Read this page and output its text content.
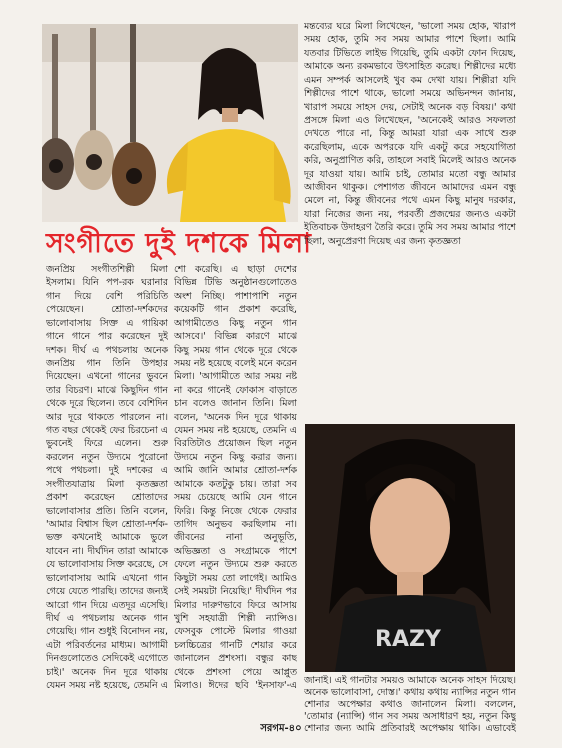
সংগীতে দুই দশকে মিলা

জনপ্রিয় সংগীতশিল্পী মিলা ইসলাম। যিনি পপ-রক ঘরানার গান দিয়ে বেশি পরিচিতি পেয়েছেন। শ্রোতা-দর্শকদের ভালোবাসায় সিক্ত এ গায়িকা গানে গানে পার করেছেন দুই দশক। দীর্ঘ এ পথচলায় অনেক জনপ্রিয় গান তিনি উপহার দিয়েছেন। এখনো গানের ভুবনে তার বিচরণ। মাঝে কিছুদিন গান থেকে দূরে ছিলেন। তবে বেশিদিন আর দূরে থাকতে পারলেন না। গত বছর থেকেই ফের চিরচেনা এ ভুবনেই ফিরে এলেন। শুরু করলেন নতুন উদ্যমে পুরোনো পথে পথচলা। দুই দশকের এ সংগীতযাত্রায় মিলা কৃতজ্ঞতা প্রকাশ করেছেন শ্রোতাদের ভালোবাসার প্রতি। তিনি বলেন, 'আমার বিশ্বাস ছিল শ্রোতা-দর্শক-ভক্ত কখনোই আমাকে ভুলে যাবেন না। দীর্ঘদিন তারা আমাকে যে ভালোবাসায় সিক্ত করেছে, সে ভালোবাসায় আমি এখনো গান গেয়ে যেতে পারছি। তাদের জন্যই আরো গান দিয়ে এতদূর এসেছি। দীর্ঘ এ পথচলায় অনেক গান গেয়েছি। গান শুধুই বিনোদন নয়, এটা পরিবর্তনের মাধ্যম। আগামী দিনগুলোতেও সেদিকেই এগোতে চাই।' অনেক দিন দূরে থাকায় যেমন সময় নষ্ট হয়েছে, তেমনি এ

শো করেছি। এ ছাড়া দেশের বিভিন্ন টিভি অনুষ্ঠানগুলোতেও অংশ নিচ্ছি। পাশাপাশি নতুন কয়েকটি গান প্রকাশ করেছি, আগামীতেও কিছু নতুন গান আসবে।' বিভিন্ন কারণে মাঝে কিছু সময় গান থেকে দূরে থেকে সময় নষ্ট হয়েছে বলেই মনে করেন মিলা। 'আগামীতে আর সময় নষ্ট না করে গানেই ফোকাস বাড়াতে চান বলেও জানান তিনি। মিলা বলেন, 'অনেক দিন দূরে থাকায় যেমন সময় নষ্ট হয়েছে, তেমনি এ বিরতিটাও প্রয়োজন ছিল নতুন উদ্যমে নতুন কিছু করার জন্য। আমি জানি আমার শ্রোতা-দর্শক আমাকে কতটুকু চায়। তারা সব সময় চেয়েছে আমি যেন গানে ফিরি। কিন্তু নিজে থেকে ফেরার তাগিদ অনুভব করছিলাম না। জীবনের নানা অনুভূতি, অভিজ্ঞতা ও সংগ্রামকে পাশে ফেলে নতুন উদ্যমে শুরু করতে কিছুটা সময় তো লাগেই। আমিও সেই সময়টা নিয়েছি।' দীর্ঘদিন পর মিলার দারুণভাবে ফিরে আসায় খুশি সহযাত্রী শিল্পী ন্যান্সিও। ফেসবুক পোস্টে মিলার গাওয়া চলচ্চিত্রের গানটি শেয়ার করে জানালেন প্রশংসা। বন্ধুর কাছ থেকে প্রশংসা পেয়ে আপ্লুত মিলাও। ঈদের ছবি 'ইনসাফ'-এ

মন্তব্যের ঘরে মিলা লিখেছেন, 'ভালো সময় হোক, খারাপ সময় হোক, তুমি সব সময় আমার পাশে ছিলা। আমি যতবার টিভিতে লাইভ গিয়েছি, তুমি একটা ফোন দিয়েছ, আমাকে অন্য রকমভাবে উৎসাহিত করেছ। শিল্পীদের মধ্যে এমন সম্পর্ক আসলেই খুব কম দেখা যায়। শিল্পীরা যদি শিল্পীদের পাশে থাকে, ভালো সময়ে অভিনন্দন জানায়, খারাপ সময়ে সাহস দেয়, সেটাই অনেক বড় বিষয়।' কথা প্রসঙ্গে মিলা এও লিখেছেন, 'অনেকেই আরও সফলতা দেখতে পারে না, কিন্তু আমরা যারা এক সাথে শুরু করেছিলাম, একে অপরকে যদি একটু করে সহযোগিতা করি, অনুপ্রাণিত করি, তাহলে সবাই মিলেই আরও অনেক দূর যাওয়া যায়। আমি চাই, তোমার মতো বন্ধু আমার আজীবন থাকুক। পেশাগত জীবনে আমাদের এমন বন্ধু মেলে না, কিন্তু জীবনের পথে এমন কিছু মানুষ দরকার, যারা নিজের জন্য নয়, পরবর্তী প্রজন্মের জন্যও একটা ইতিবাচক উদাহরণ তৈরি করে। তুমি সব সময় আমার পাশে ছিলা, অনুপ্রেরণা দিয়েছ এর জন্য কৃতজ্ঞতা

RAZY

জানাই। এই গানটার সময়ও আমাকে অনেক সাহস দিয়েছ। অনেক ভালোবাসা, দোস্ত।' কথায় কথায় ন্যান্সির নতুন গান শোনার অপেক্ষার কথাও জানালেন মিলা। বললেন, 'তোমার (ন্যান্সি) গান সব সময় অসাধারণ হয়, নতুন কিছু শোনার জন্য আমি প্রতিবারই অপেক্ষায় থাকি। এভাবেই

সরগম-৪০
